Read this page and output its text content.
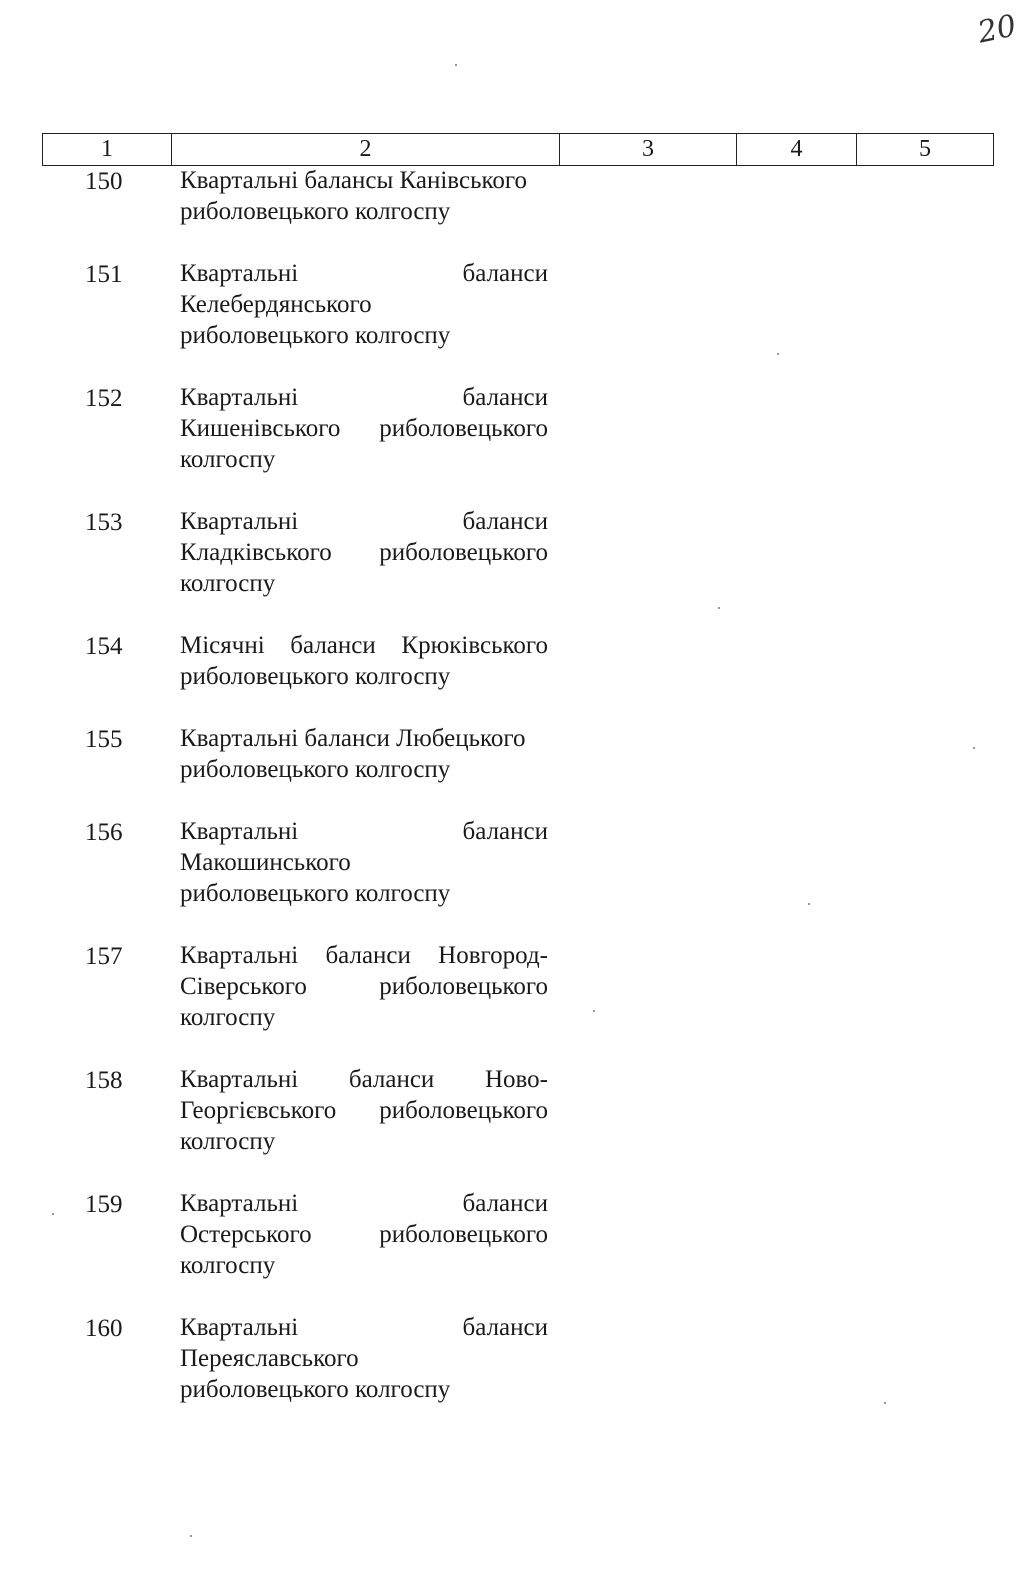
20
1	2	3	4	5
150	Квартальні балансы Канівського
риболовецького колгоспу
151	Квартальні	баланси
Келебердянського
риболовецького колгоспу
152	Квартальні	баланси
Кишенівського риболовецького
колгоспу
153	Квартальні	баланси
Кладківського риболовецького
колгоспу
154	Місячні баланси Крюківського
риболовецького колгоспу
155	Квартальні баланси Любецького
риболовецького колгоспу
156	Квартальні	баланси
Макошинського
риболовецького колгоспу
157	Квартальні баланси Новгород-
Сіверського	риболовецького
колгоспу
158	Квартальні баланси Ново-
Георгієвського риболовецького
колгоспу
159	Квартальні	баланси
Остерського	риболовецького
колгоспу
160	Квартальні	баланси
Переяславського
риболовецького колгоспу
